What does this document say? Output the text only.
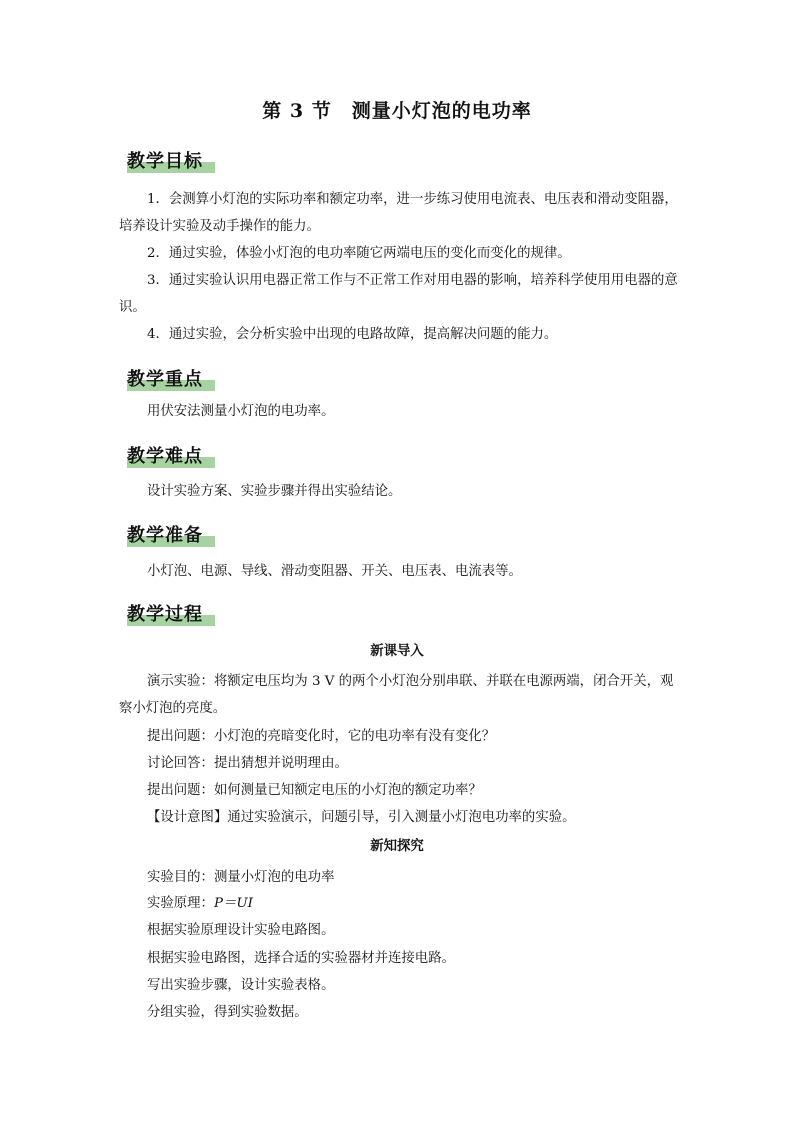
第 3 节　测量小灯泡的电功率
教学目标
1．会测算小灯泡的实际功率和额定功率，进一步练习使用电流表、电压表和滑动变阻器，培养设计实验及动手操作的能力。
2．通过实验，体验小灯泡的电功率随它两端电压的变化而变化的规律。
3．通过实验认识用电器正常工作与不正常工作对用电器的影响，培养科学使用用电器的意识。
4．通过实验，会分析实验中出现的电路故障，提高解决问题的能力。
教学重点
用伏安法测量小灯泡的电功率。
教学难点
设计实验方案、实验步骤并得出实验结论。
教学准备
小灯泡、电源、导线、滑动变阻器、开关、电压表、电流表等。
教学过程
新课导入
演示实验：将额定电压均为 3 V 的两个小灯泡分别串联、并联在电源两端，闭合开关，观察小灯泡的亮度。
提出问题：小灯泡的亮暗变化时，它的电功率有没有变化？
讨论回答：提出猜想并说明理由。
提出问题：如何测量已知额定电压的小灯泡的额定功率？
【设计意图】通过实验演示，问题引导，引入测量小灯泡电功率的实验。
新知探究
实验目的：测量小灯泡的电功率
实验原理：P＝UI
根据实验原理设计实验电路图。
根据实验电路图，选择合适的实验器材并连接电路。
写出实验步骤，设计实验表格。
分组实验，得到实验数据。
